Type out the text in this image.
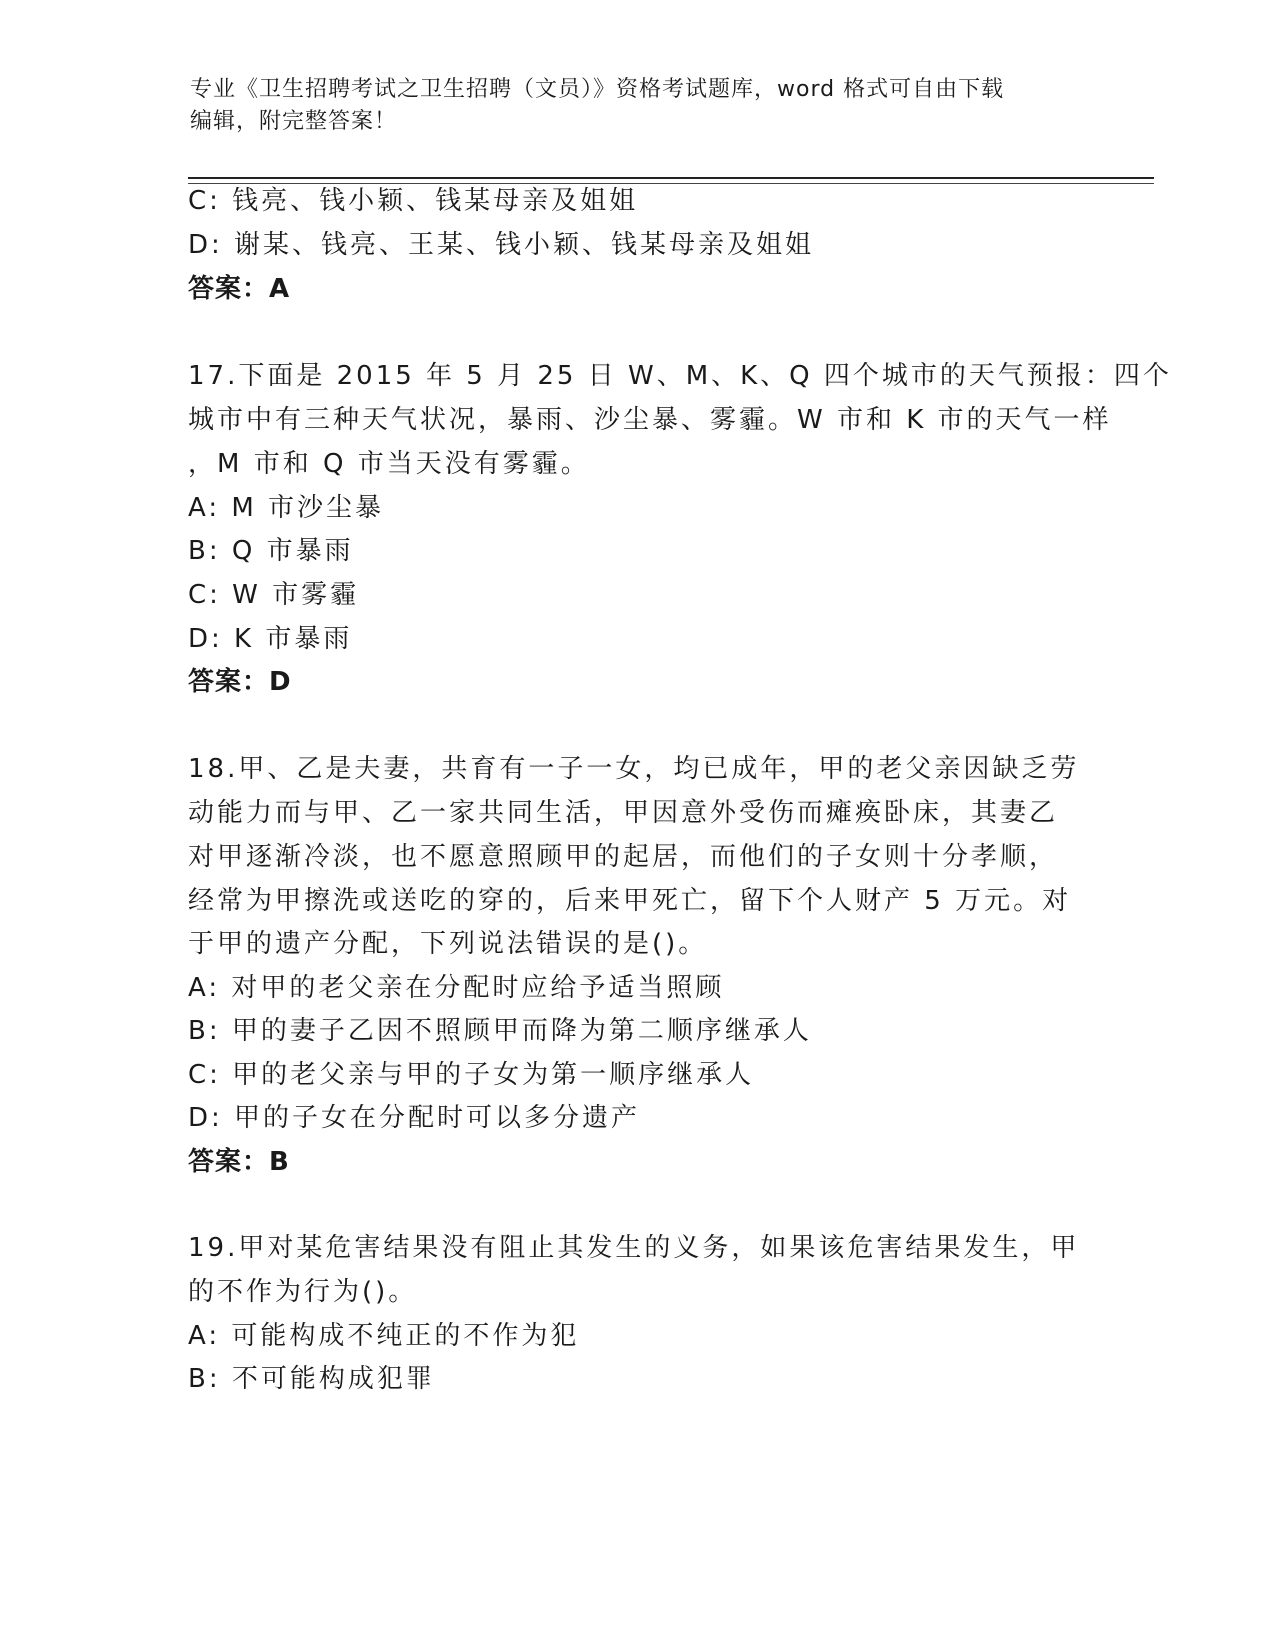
专业《卫生招聘考试之卫生招聘（文员）》资格考试题库，word 格式可自由下载
编辑，附完整答案！
C: 钱亮、钱小颖、钱某母亲及姐姐
D: 谢某、钱亮、王某、钱小颖、钱某母亲及姐姐
答案：A
17.下面是 2015 年 5 月 25 日 W、M、K、Q 四个城市的天气预报：四个
城市中有三种天气状况，暴雨、沙尘暴、雾霾。W 市和 K 市的天气一样
，M 市和 Q 市当天没有雾霾。
A: M 市沙尘暴
B: Q 市暴雨
C: W 市雾霾
D: K 市暴雨
答案：D
18.甲、乙是夫妻，共育有一子一女，均已成年，甲的老父亲因缺乏劳
动能力而与甲、乙一家共同生活，甲因意外受伤而瘫痪卧床，其妻乙
对甲逐渐冷淡，也不愿意照顾甲的起居，而他们的子女则十分孝顺，
经常为甲擦洗或送吃的穿的，后来甲死亡，留下个人财产 5 万元。对
于甲的遗产分配，下列说法错误的是()。
A: 对甲的老父亲在分配时应给予适当照顾
B: 甲的妻子乙因不照顾甲而降为第二顺序继承人
C: 甲的老父亲与甲的子女为第一顺序继承人
D: 甲的子女在分配时可以多分遗产
答案：B
19.甲对某危害结果没有阻止其发生的义务，如果该危害结果发生，甲
的不作为行为()。
A: 可能构成不纯正的不作为犯
B: 不可能构成犯罪
